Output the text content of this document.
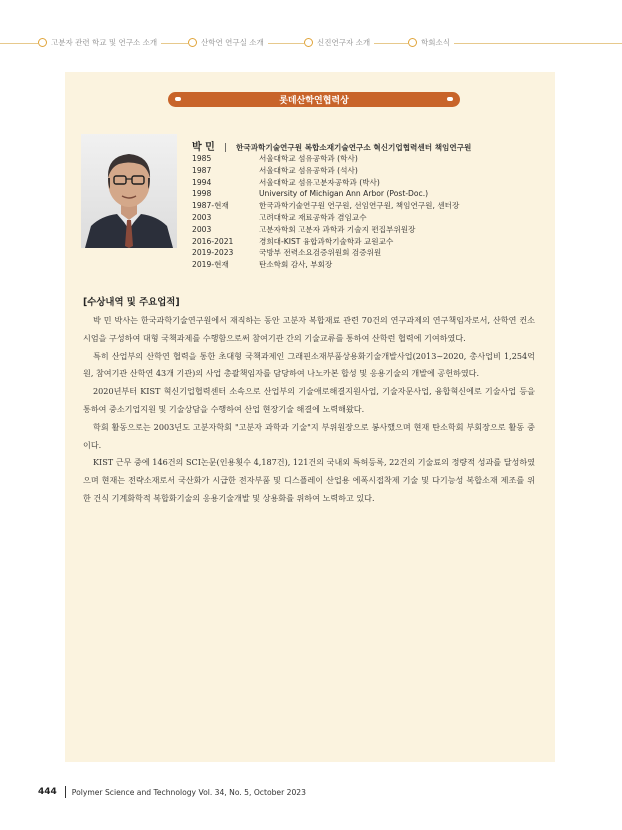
고분자 관련 학교 및 연구소 소개	산학연 연구실 소개	신진연구자 소개	학회소식
롯데산학연협력상
박 민 | 한국과학기술연구원 복합소재기술연구소 혁신기업협력센터 책임연구원
1985	서울대학교 섬유공학과 (학사)
1987	서울대학교 섬유공학과 (석사)
1994	서울대학교 섬유고분자공학과 (박사)
1998	University of Michigan Ann Arbor (Post-Doc.)
1987-현재	한국과학기술연구원 연구원, 선임연구원, 책임연구원, 센터장
2003	고려대학교 재료공학과 겸임교수
2003	고분자학회 고분자 과학과 기술지 편집부위원장
2016-2021	경희대-KIST 융합과학기술학과 교원교수
2019-2023	국방부 전력소요검증위원회 검증위원
2019-현재	탄소학회 감사, 부회장
[수상내역 및 주요업적]

박 민 박사는 한국과학기술연구원에서 재직하는 동안 고분자 복합재료 관련 70건의 연구과제의 연구책임자로서, 산학연 컨소시엄을 구성하여 대형 국책과제를 수행함으로써 참여기관 간의 기술교류를 통하여 산학런 협력에 기여하였다.

특히 산업부의 산학연 협력을 통한 초대형 국책과제인 그래핀소재부품상용화기술개발사업(2013~2020, 총사업비 1,254억 원, 참여기관 산학연 43개 기관)의 사업 총괄책임자를 담당하여 나노카본 합성 및 응용기술의 개발에 공헌하였다.

2020년부터 KIST 혁신기업협력센터 소속으로 산업부의 기술애로해결지원사업, 기술자문사업, 융합혁신에로 기술사업 등을 통하여 중소기업지원 및 기술상담을 수행하여 산업 현장기술 해결에 노력해왔다.

학회 활동으로는 2003년도 고분자학회 "고분자 과학과 기술"지 부위원장으로 봉사했으며 현재 탄소학회 부회장으로 활동 중이다.

KIST 근무 중에 146건의 SCI논문(인용횟수 4,187건), 121건의 국내외 특허등록, 22건의 기술료의 정량적 성과를 달성하였으며 현재는 전략소재로서 국산화가 시급한 전자부품 및 디스플레이 산업용 에폭시접착제 기술 및 다기능성 복합소재 제조를 위한 건식 기계화학적 복합화기술의 응용기술개발 및 상용화를 위하여 노력하고 있다.

444 Polymer Science and Technology Vol. 34, No. 5, October 2023
